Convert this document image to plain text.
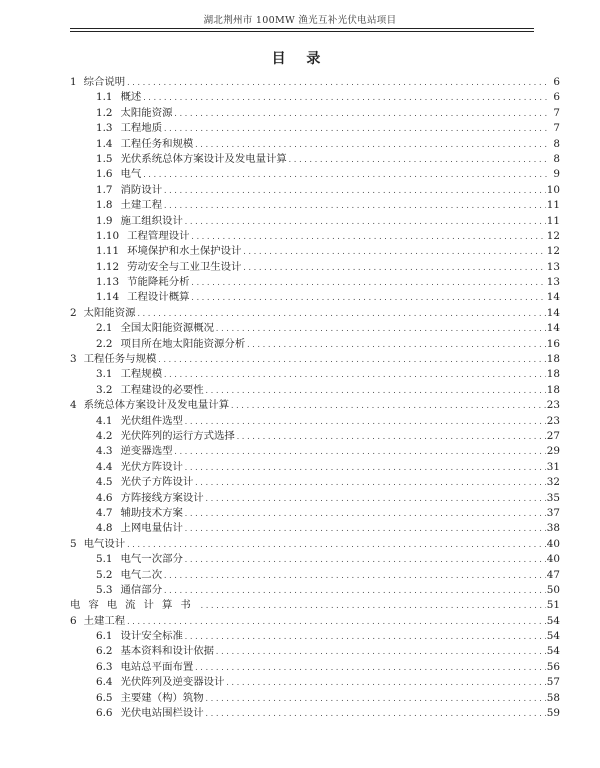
湖北荆州市 100MW 渔光互补光伏电站项目
目 录
1 综合说明 .....	6
1.1 概述 .....	6
1.2 太阳能资源 .....	7
1.3 工程地质 .....	7
1.4 工程任务和规模 .....	8
1.5 光伏系统总体方案设计及发电量计算 .....	8
1.6 电气 .....	9
1.7 消防设计 .....	10
1.8 土建工程 .....	11
1.9 施工组织设计 .....	11
1.10 工程管理设计 .....	12
1.11 环境保护和水土保护设计 .....	12
1.12 劳动安全与工业卫生设计 .....	13
1.13 节能降耗分析 .....	13
1.14 工程设计概算 .....	14
2 太阳能资源 .....	14
2.1 全国太阳能资源概况 .....	14
2.2 项目所在地太阳能资源分析 .....	16
3 工程任务与规模 .....	18
3.1 工程规模 .....	18
3.2 工程建设的必要性 .....	18
4 系统总体方案设计及发电量计算 .....	23
4.1 光伏组件选型 .....	23
4.2 光伏阵列的运行方式选择 .....	27
4.3 逆变器选型 .....	29
4.4 光伏方阵设计 .....	31
4.5 光伏子方阵设计 .....	32
4.6 方阵接线方案设计 .....	35
4.7 辅助技术方案 .....	37
4.8 上网电量估计 .....	38
5 电气设计 .....	40
5.1 电气一次部分 .....	40
5.2 电气二次 .....	47
5.3 通信部分 .....	50
电容电流计算书 .....	51
6 土建工程 .....	54
6.1 设计安全标准 .....	54
6.2 基本资料和设计依据 .....	54
6.3 电站总平面布置 .....	56
6.4 光伏阵列及逆变器设计 .....	57
6.5 主要建（构）筑物 .....	58
6.6 光伏电站围栏设计 .....	59
